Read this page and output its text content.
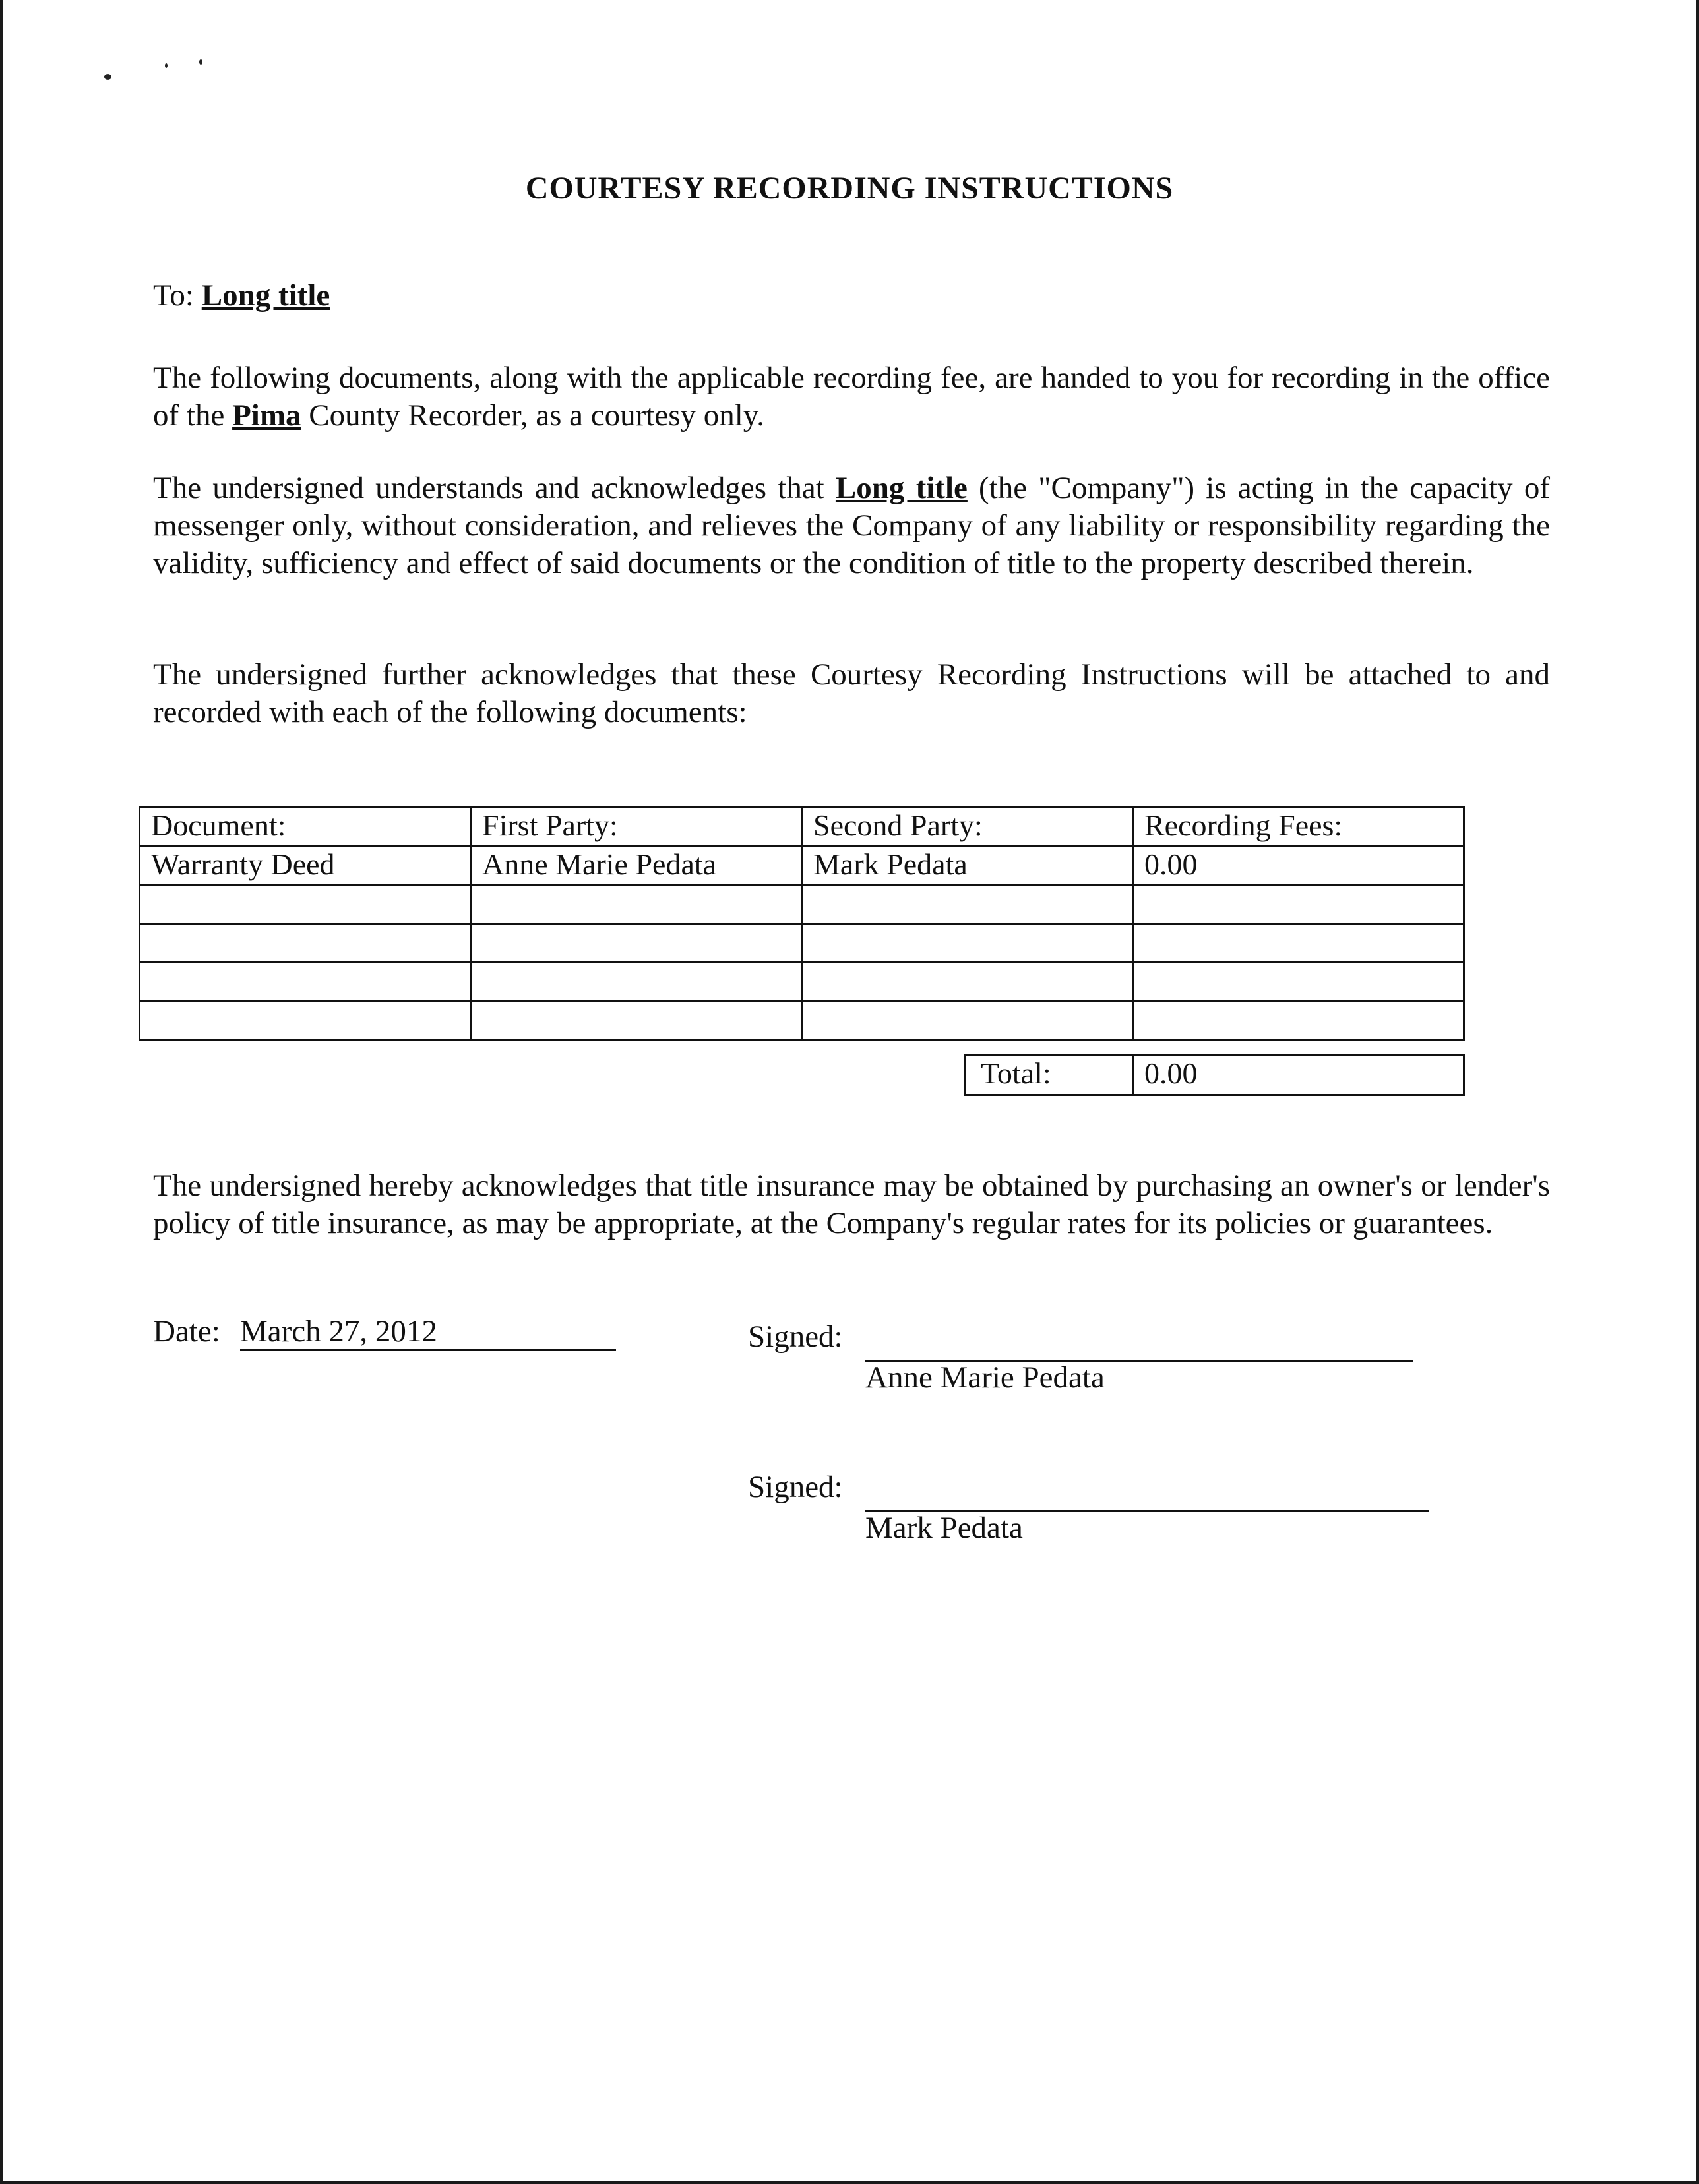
COURTESY RECORDING INSTRUCTIONS
To: Long title
The following documents, along with the applicable recording fee, are handed to you for recording in the office of the Pima County Recorder, as a courtesy only.
The undersigned understands and acknowledges that Long title (the "Company") is acting in the capacity of messenger only, without consideration, and relieves the Company of any liability or responsibility regarding the validity, sufficiency and effect of said documents or the condition of title to the property described therein.
The undersigned further acknowledges that these Courtesy Recording Instructions will be attached to and recorded with each of the following documents:
Document:	First Party:	Second Party:	Recording Fees:
Warranty Deed	Anne Marie Pedata	Mark Pedata	0.00

Total:	0.00
The undersigned hereby acknowledges that title insurance may be obtained by purchasing an owner's or lender's policy of title insurance, as may be appropriate, at the Company's regular rates for its policies or guarantees.
Date: March 27, 2012	Signed:
Anne Marie Pedata
Signed:
Mark Pedata
